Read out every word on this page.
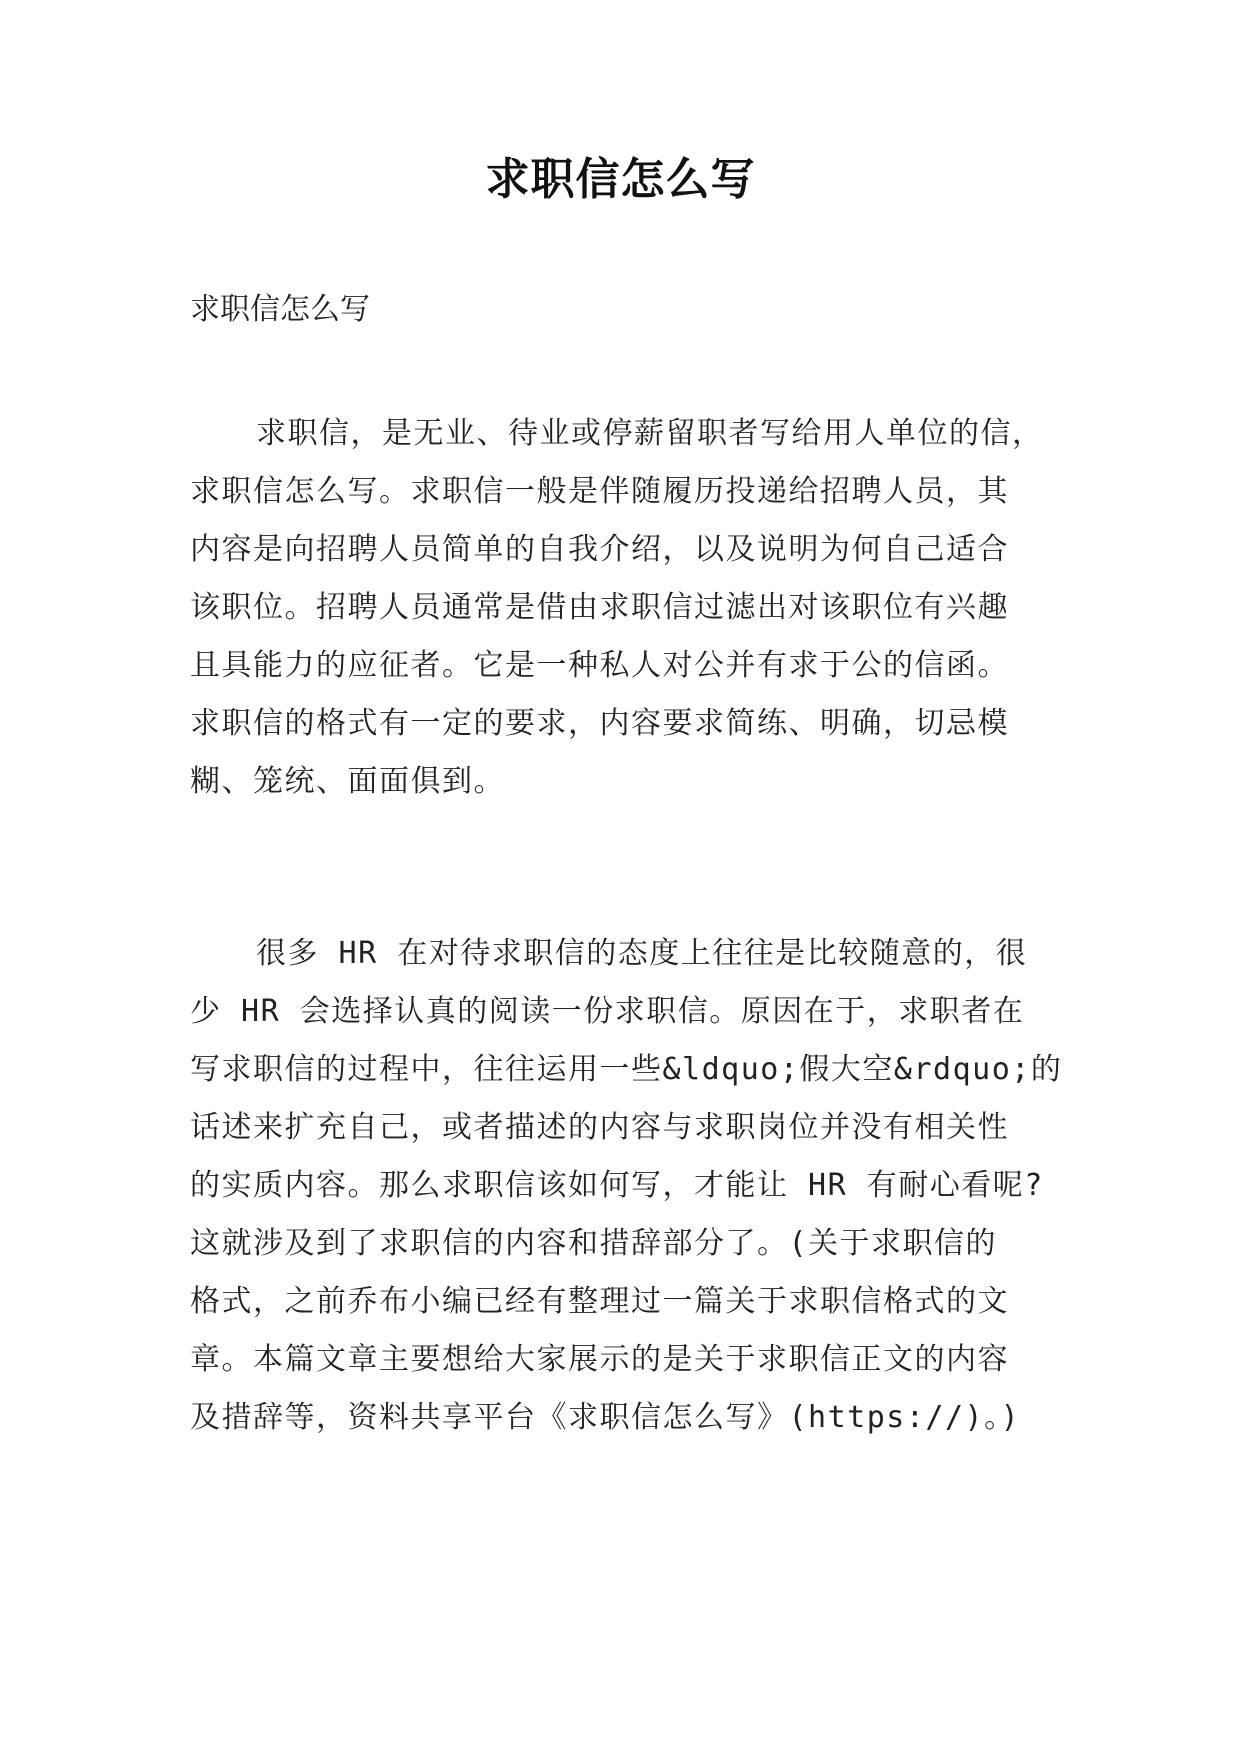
求职信怎么写
求职信怎么写
求职信，是无业、待业或停薪留职者写给用人单位的信，
求职信怎么写。求职信一般是伴随履历投递给招聘人员，其
内容是向招聘人员简单的自我介绍，以及说明为何自己适合
该职位。招聘人员通常是借由求职信过滤出对该职位有兴趣
且具能力的应征者。它是一种私人对公并有求于公的信函。
求职信的格式有一定的要求，内容要求简练、明确，切忌模
糊、笼统、面面俱到。
很多 HR 在对待求职信的态度上往往是比较随意的，很
少 HR 会选择认真的阅读一份求职信。原因在于，求职者在
写求职信的过程中，往往运用一些&ldquo;假大空&rdquo;的
话述来扩充自己，或者描述的内容与求职岗位并没有相关性
的实质内容。那么求职信该如何写，才能让 HR 有耐心看呢?
这就涉及到了求职信的内容和措辞部分了。(关于求职信的
格式，之前乔布小编已经有整理过一篇关于求职信格式的文
章。本篇文章主要想给大家展示的是关于求职信正文的内容
及措辞等，资料共享平台《求职信怎么写》(https://)。)
